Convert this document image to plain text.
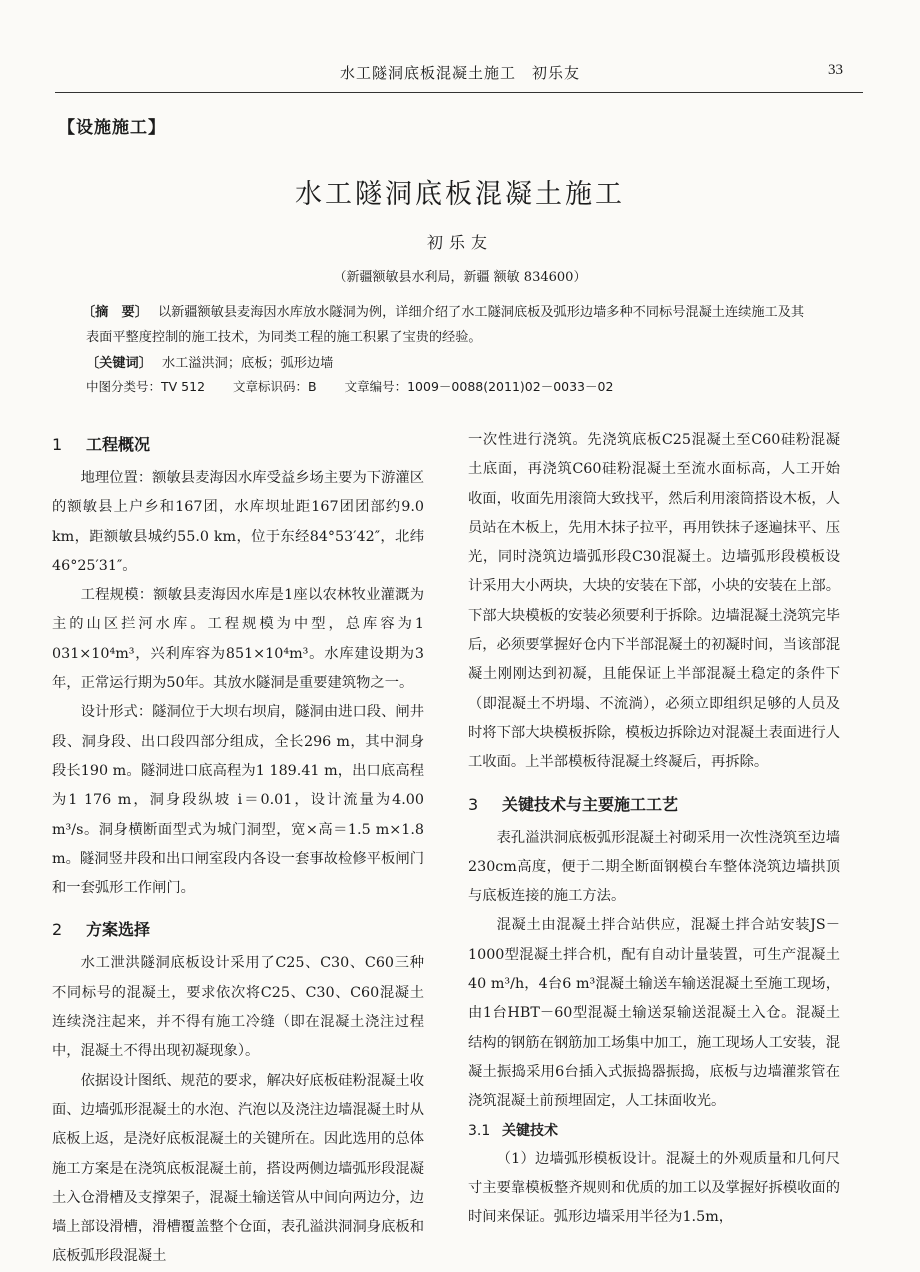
水工隧洞底板混凝土施工　初乐友	33
【设施施工】
水工隧洞底板混凝土施工
初乐友
（新疆额敏县水利局，新疆 额敏 834600）
〔摘　要〕 以新疆额敏县麦海因水库放水隧洞为例，详细介绍了水工隧洞底板及弧形边墙多种不同标号混凝土连续施工及其表面平整度控制的施工技术，为同类工程的施工积累了宝贵的经验。
〔关键词〕 水工溢洪洞；底板；弧形边墙
中图分类号：TV 512 文章标识码：B 文章编号：1009－0088(2011)02－0033－02
1 工程概况

地理位置：额敏县麦海因水库受益乡场主要为下游灌区的额敏县上户乡和167团，水库坝址距167团团部约9.0 km，距额敏县城约55.0 km，位于东经84°53′42″，北纬46°25′31″。

工程规模：额敏县麦海因水库是1座以农林牧业灌溉为主的山区拦河水库。工程规模为中型，总库容为1 031×10⁴m³，兴利库容为851×10⁴m³。水库建设期为3年，正常运行期为50年。其放水隧洞是重要建筑物之一。

设计形式：隧洞位于大坝右坝肩，隧洞由进口段、闸井段、洞身段、出口段四部分组成，全长296 m，其中洞身段长190 m。隧洞进口底高程为1 189.41 m，出口底高程为1 176 m，洞身段纵坡 i＝0.01，设计流量为4.00 m³/s。洞身横断面型式为城门洞型，宽×高＝1.5 m×1.8 m。隧洞竖井段和出口闸室段内各设一套事故检修平板闸门和一套弧形工作闸门。

2 方案选择

水工泄洪隧洞底板设计采用了C25、C30、C60三种不同标号的混凝土，要求依次将C25、C30、C60混凝土连续浇注起来，并不得有施工冷缝（即在混凝土浇注过程中，混凝土不得出现初凝现象）。

依据设计图纸、规范的要求，解决好底板硅粉混凝土收面、边墙弧形混凝土的水泡、汽泡以及浇注边墙混凝土时从底板上返，是浇好底板混凝土的关键所在。因此选用的总体施工方案是在浇筑底板混凝土前，搭设两侧边墙弧形段混凝土入仓滑槽及支撑架子，混凝土输送管从中间向两边分，边墙上部设滑槽，滑槽覆盖整个仓面，表孔溢洪洞洞身底板和底板弧形段混凝土

一次性进行浇筑。先浇筑底板C25混凝土至C60硅粉混凝土底面，再浇筑C60硅粉混凝土至流水面标高，人工开始收面，收面先用滚筒大致找平，然后利用滚筒搭设木板，人员站在木板上，先用木抹子拉平，再用铁抹子逐遍抹平、压光，同时浇筑边墙弧形段C30混凝土。边墙弧形段模板设计采用大小两块，大块的安装在下部，小块的安装在上部。下部大块模板的安装必须要利于拆除。边墙混凝土浇筑完毕后，必须要掌握好仓内下半部混凝土的初凝时间，当该部混凝土刚刚达到初凝，且能保证上半部混凝土稳定的条件下（即混凝土不坍塌、不流淌），必须立即组织足够的人员及时将下部大块模板拆除，模板边拆除边对混凝土表面进行人工收面。上半部模板待混凝土终凝后，再拆除。

3 关键技术与主要施工工艺

表孔溢洪洞底板弧形混凝土衬砌采用一次性浇筑至边墙230cm高度，便于二期全断面钢模台车整体浇筑边墙拱顶与底板连接的施工方法。

混凝土由混凝土拌合站供应，混凝土拌合站安装JS－1000型混凝土拌合机，配有自动计量装置，可生产混凝土40 m³/h，4台6 m³混凝土输送车输送混凝土至施工现场，由1台HBT－60型混凝土输送泵输送混凝土入仓。混凝土结构的钢筋在钢筋加工场集中加工，施工现场人工安装，混凝土振捣采用6台插入式振捣器振捣，底板与边墙灌浆管在浇筑混凝土前预埋固定，人工抹面收光。

3.1 关键技术

（1）边墙弧形模板设计。混凝土的外观质量和几何尺寸主要靠模板整齐规则和优质的加工以及掌握好拆模收面的时间来保证。弧形边墙采用半径为1.5m，
